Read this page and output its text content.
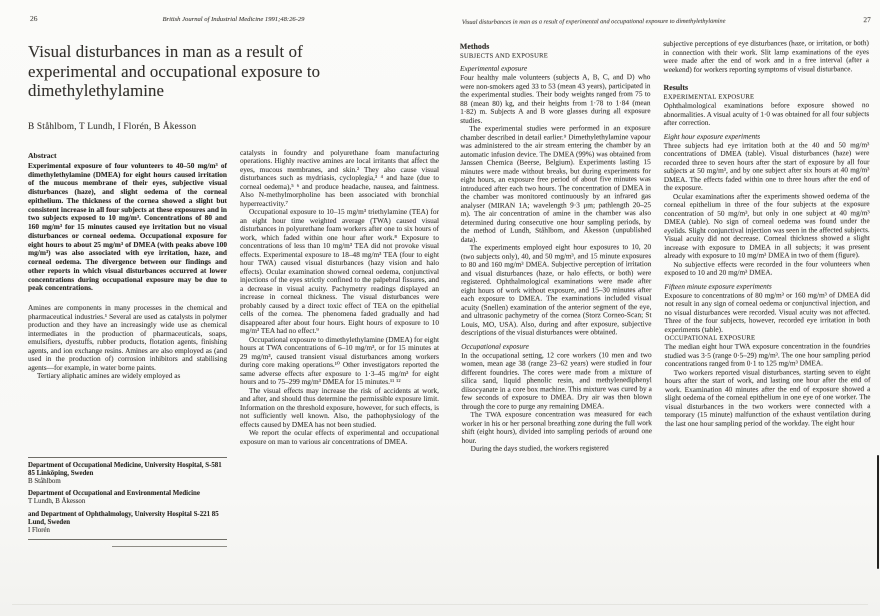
26	British Journal of Industrial Medicine 1991;48:26-29
Visual disturbances in man as a result of experimental and occupational exposure to dimethylethylamine
B Ståhlbom, T Lundh, I Florén, B Åkesson
Abstract

Experimental exposure of four volunteers to 40–50 mg/m³ of dimethylethylamine (DMEA) for eight hours caused irritation of the mucous membrane of their eyes, subjective visual disturbances (haze), and slight oedema of the corneal epithelium. The thickness of the cornea showed a slight but consistent increase in all four subjects at these exposures and in two subjects exposed to 10 mg/m³. Concentrations of 80 and 160 mg/m³ for 15 minutes caused eye irritation but no visual disturbances or corneal oedema. Occupational exposure for eight hours to about 25 mg/m³ of DMEA (with peaks above 100 mg/m³) was also associated with eye irritation, haze, and corneal oedema. The divergence between our findings and other reports in which visual disturbances occurred at lower concentrations during occupational exposure may be due to peak concentrations.

Amines are components in many processes in the chemical and pharmaceutical industries.¹ Several are used as catalysts in polymer production and they have an increasingly wide use as chemical intermediates in the production of pharmaceuticals, soaps, emulsifiers, dyestuffs, rubber products, flotation agents, finishing agents, and ion exchange resins. Amines are also employed as (and used in the production of) corrosion inhibitors and stabilising agents—for example, in water borne paints.

Tertiary aliphatic amines are widely employed as

Department of Occupational Medicine, University Hospital, S-581 85 Linköping, Sweden
B Ståhlbom
Department of Occupational and Environmental Medicine
T Lundh, B Åkesson
and Department of Ophthalmology, University Hospital S-221 85 Lund, Sweden
I Florén

catalysts in foundry and polyurethane foam manufacturing operations. Highly reactive amines are local irritants that affect the eyes, mucous membranes, and skin.² They also cause visual disturbances such as mydriasis, cycloplegia,³ ⁴ and haze (due to corneal oedema),⁵ ⁶ and produce headache, nausea, and faintness. Also N-methylmorpholine has been associated with bronchial hyperreactivity.⁷

Occupational exposure to 10–15 mg/m³ triethylamine (TEA) for an eight hour time weighted average (TWA) caused visual disturbances in polyurethane foam workers after one to six hours of work, which faded within one hour after work.⁸ Exposure to concentrations of less than 10 mg/m³ TEA did not provoke visual effects. Experimental exposure to 18–48 mg/m³ TEA (four to eight hour TWA) caused visual disturbances (hazy vision and halo effects). Ocular examination showed corneal oedema, conjunctival injections of the eyes strictly confined to the palpebral fissures, and a decrease in visual acuity. Pachymetry readings displayed an increase in corneal thickness. The visual disturbances were probably caused by a direct toxic effect of TEA on the epithelial cells of the cornea. The phenomena faded gradually and had disappeared after about four hours. Eight hours of exposure to 10 mg/m³ TEA had no effect.⁹

Occupational exposure to dimethylethylamine (DMEA) for eight hours at TWA concentrations of 6–10 mg/m³, or for 15 minutes at 29 mg/m³, caused transient visual disturbances among workers during core making operations.¹⁰ Other investigators reported the same adverse effects after exposure to 1·3–45 mg/m³ for eight hours and to 75–299 mg/m³ DMEA for 15 minutes.¹¹ ¹²

The visual effects may increase the risk of accidents at work, and after, and should thus determine the permissible exposure limit. Information on the threshold exposure, however, for such effects, is not sufficiently well known. Also, the pathophysiology of the effects caused by DMEA has not been studied.

We report the ocular effects of experimental and occupational exposure on man to various air concentrations of DMEA.

Visual disturbances in man as a result of experimental and occupational exposure to dimethylethylamine	27
Methods
SUBJECTS AND EXPOSURE
Experimental exposure

Four healthy male volunteers (subjects A, B, C, and D) who were non-smokers aged 33 to 53 (mean 43 years), participated in the experimental studies. Their body weights ranged from 75 to 88 (mean 80) kg, and their heights from 1·78 to 1·84 (mean 1·82) m. Subjects A and B wore glasses during all exposure studies.

The experimental studies were performed in an exposure chamber described in detail earlier.⁹ Dimethylethylamine vapour was administered to the air stream entering the chamber by an automatic infusion device. The DMEA (99%) was obtained from Janssen Chemica (Beerse, Belgium). Experiments lasting 15 minutes were made without breaks, but during experiments for eight hours, an exposure free period of about five minutes was introduced after each two hours. The concentration of DMEA in the chamber was monitored continuously by an infrared gas analyser (MIRAN 1A; wavelength 9·3 μm; pathlength 20–25 m). The air concentration of amine in the chamber was also determined during consecutive one hour sampling periods, by the method of Lundh, Ståhlbom, and Åkesson (unpublished data).

The experiments employed eight hour exposures to 10, 20 (two subjects only), 40, and 50 mg/m³, and 15 minute exposures to 80 and 160 mg/m³ DMEA. Subjective perception of irritation and visual disturbances (haze, or halo effects, or both) were registered. Ophthalmological examinations were made after eight hours of work without exposure, and 15–30 minutes after each exposure to DMEA. The examinations included visual acuity (Snellen) examination of the anterior segment of the eye, and ultrasonic pachymetry of the cornea (Storz Corneo-Scan; St Louis, MO, USA). Also, during and after exposure, subjective descriptions of the visual disturbances were obtained.

Occupational exposure

In the occupational setting, 12 core workers (10 men and two women, mean age 38 (range 23–62 years) were studied in four different foundries. The cores were made from a mixture of silica sand, liquid phenolic resin, and methylenediphenyl diisocyanate in a core box machine. This mixture was cured by a few seconds of exposure to DMEA. Dry air was then blown through the core to purge any remaining DMEA.

The TWA exposure concentration was measured for each worker in his or her personal breathing zone during the full work shift (eight hours), divided into sampling periods of around one hour.

During the days studied, the workers registered

subjective perceptions of eye disturbances (haze, or irritation, or both) in connection with their work. Slit lamp examinations of the eyes were made after the end of work and in a free interval (after a weekend) for workers reporting symptoms of visual disturbance.

Results
EXPERIMENTAL EXPOSURE

Ophthalmological examinations before exposure showed no abnormalities. A visual acuity of 1·0 was obtained for all four subjects after correction.

Eight hour exposure experiments

Three subjects had eye irritation both at the 40 and 50 mg/m³ concentrations of DMEA (table). Visual disturbances (haze) were recorded three to seven hours after the start of exposure by all four subjects at 50 mg/m³, and by one subject after six hours at 40 mg/m³ DMEA. The effects faded within one to three hours after the end of the exposure.

Ocular examinations after the experiments showed oedema of the corneal epithelium in three of the four subjects at the exposure concentration of 50 mg/m³, but only in one subject at 40 mg/m³ DMEA (table). No sign of corneal oedema was found under the eyelids. Slight conjunctival injection was seen in the affected subjects. Visual acuity did not decrease. Corneal thickness showed a slight increase with exposure to DMEA in all subjects; it was present already with exposure to 10 mg/m³ DMEA in two of them (figure).

No subjective effects were recorded in the four volunteers when exposed to 10 and 20 mg/m³ DMEA.

Fifteen minute exposure experiments

Exposure to concentrations of 80 mg/m³ or 160 mg/m³ of DMEA did not result in any sign of corneal oedema or conjunctival injection, and no visual disturbances were recorded. Visual acuity was not affected. Three of the four subjects, however, recorded eye irritation in both experiments (table).

OCCUPATIONAL EXPOSURE

The median eight hour TWA exposure concentration in the foundries studied was 3·5 (range 0·5–29) mg/m³. The one hour sampling period concentrations ranged from 0·1 to 125 mg/m³ DMEA.

Two workers reported visual disturbances, starting seven to eight hours after the start of work, and lasting one hour after the end of work. Examination 40 minutes after the end of exposure showed a slight oedema of the corneal epithelium in one eye of one worker. The visual disturbances in the two workers were connected with a temporary (15 minute) malfunction of the exhaust ventilation during the last one hour sampling period of the workday. The eight hour
